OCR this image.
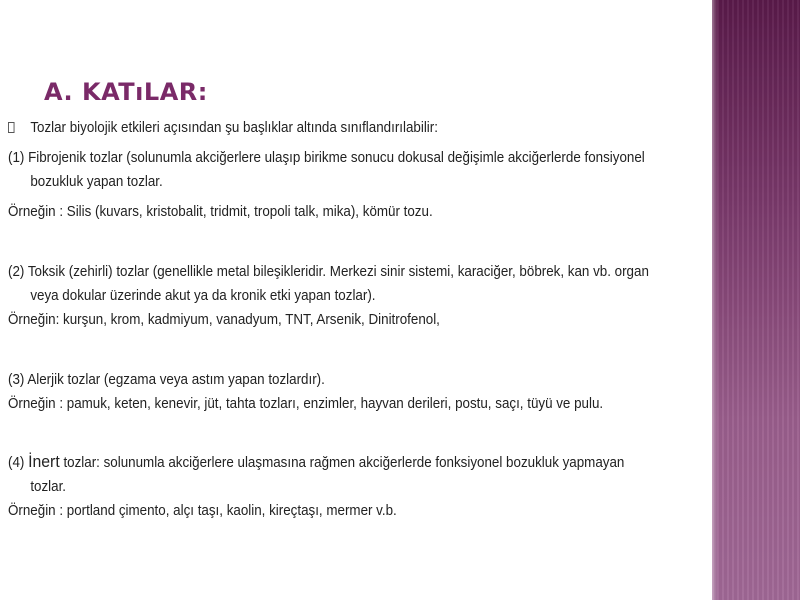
A. KATıLAR:

Tozlar biyolojik etkileri açısından şu başlıklar altında sınıflandırılabilir:

(1) Fibrojenik tozlar (solunumla akciğerlere ulaşıp birikme sonucu dokusal değişimle akciğerlerde fonsiyonel bozukluk yapan tozlar.

Örneğin : Silis (kuvars, kristobalit, tridmit, tropoli talk, mika), kömür tozu.

(2) Toksik (zehirli) tozlar (genellikle metal bileşikleridir. Merkezi sinir sistemi, karaciğer, böbrek, kan vb. organ veya dokular üzerinde akut ya da kronik etki yapan tozlar).

Örneğin: kurşun, krom, kadmiyum, vanadyum, TNT, Arsenik, Dinitrofenol,

(3) Alerjik tozlar (egzama veya astım yapan tozlardır).

Örneğin : pamuk, keten, kenevir, jüt, tahta tozları, enzimler, hayvan derileri, postu, saçı, tüyü ve pulu.

(4) İnert tozlar: solunumla akciğerlere ulaşmasına rağmen akciğerlerde fonksiyonel bozukluk yapmayan tozlar.

Örneğin : portland çimento, alçı taşı, kaolin, kireçtaşı, mermer v.b.
